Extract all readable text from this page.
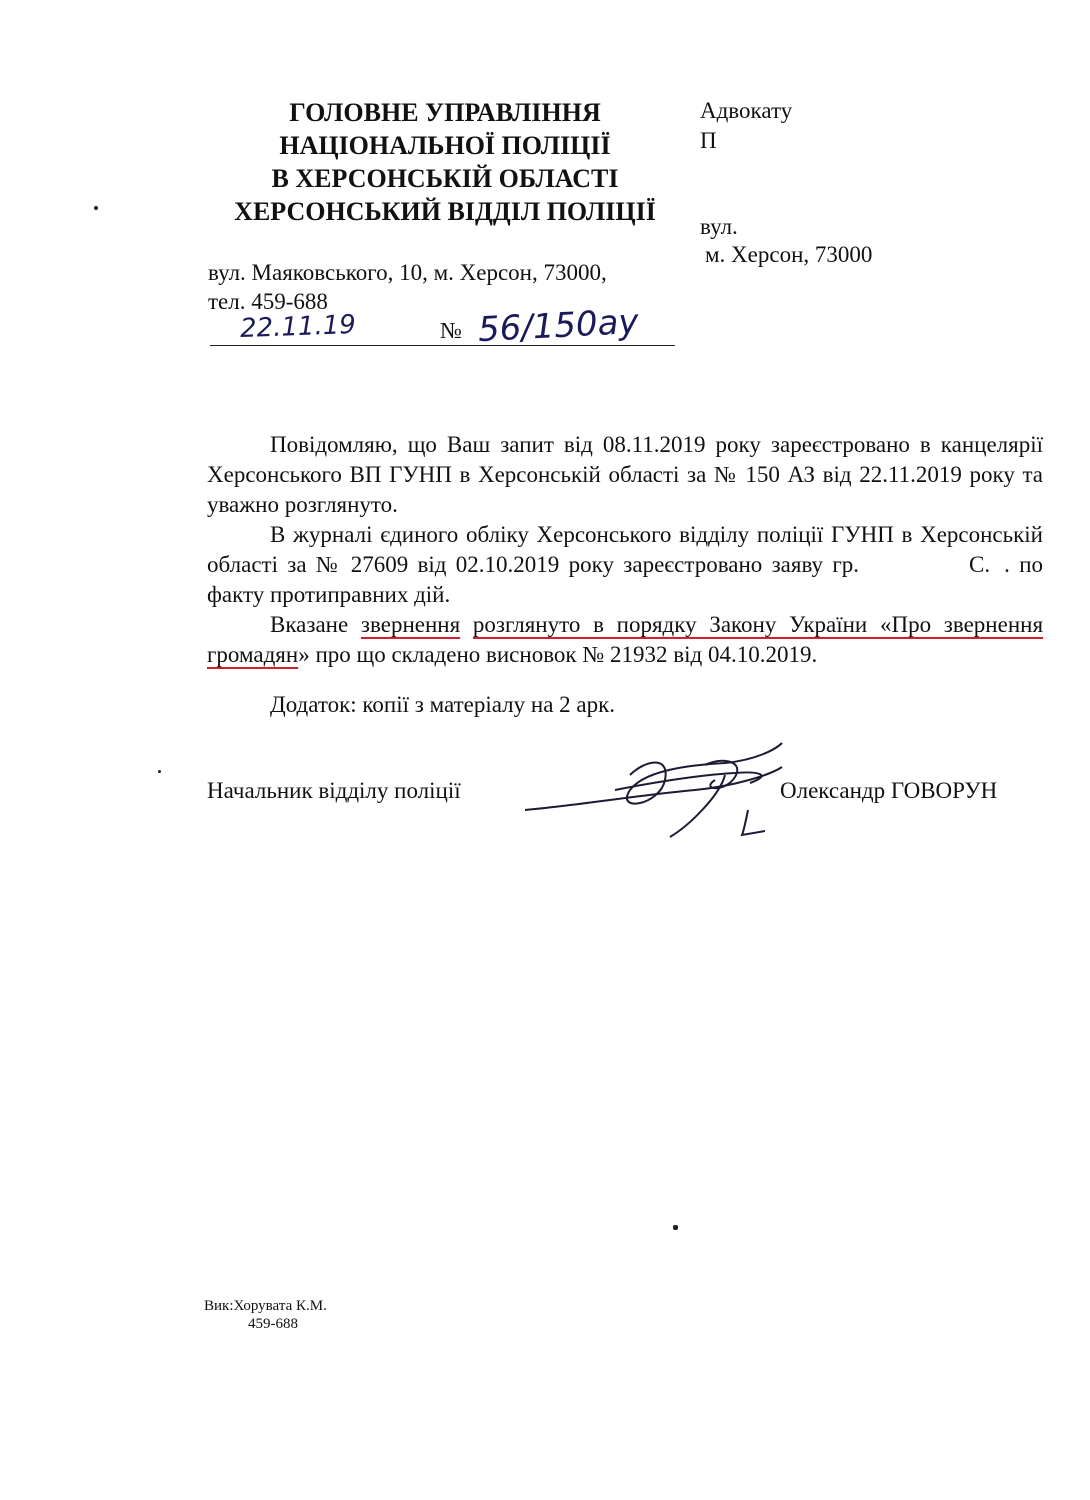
ГОЛОВНЕ УПРАВЛІННЯ
НАЦІОНАЛЬНОЇ ПОЛІЦІЇ
В ХЕРСОНСЬКІЙ ОБЛАСТІ
ХЕРСОНСЬКИЙ ВІДДІЛ ПОЛІЦІЇ
вул. Маяковського, 10, м. Херсон, 73000,
тел. 459-688
22.11.19	№ 56/150ау
Адвокату
П
вул.
м. Херсон, 73000

Повідомляю, що Ваш запит від 08.11.2019 року зареєстровано в канцелярії Херсонського ВП ГУНП в Херсонській області за № 150 АЗ від 22.11.2019 року та уважно розглянуто.

В журналі єдиного обліку Херсонського відділу поліції ГУНП в Херсонській області за № 27609 від 02.10.2019 року зареєстровано заяву гр.	С. . по факту протиправних дій.

Вказане звернення розглянуто в порядку Закону України «Про звернення громадян» про що складено висновок № 21932 від 04.10.2019.

Додаток: копії з матеріалу на 2 арк.
Начальник відділу поліції	Олександр ГОВОРУН
Вик:Хорувата К.М.
459-688
